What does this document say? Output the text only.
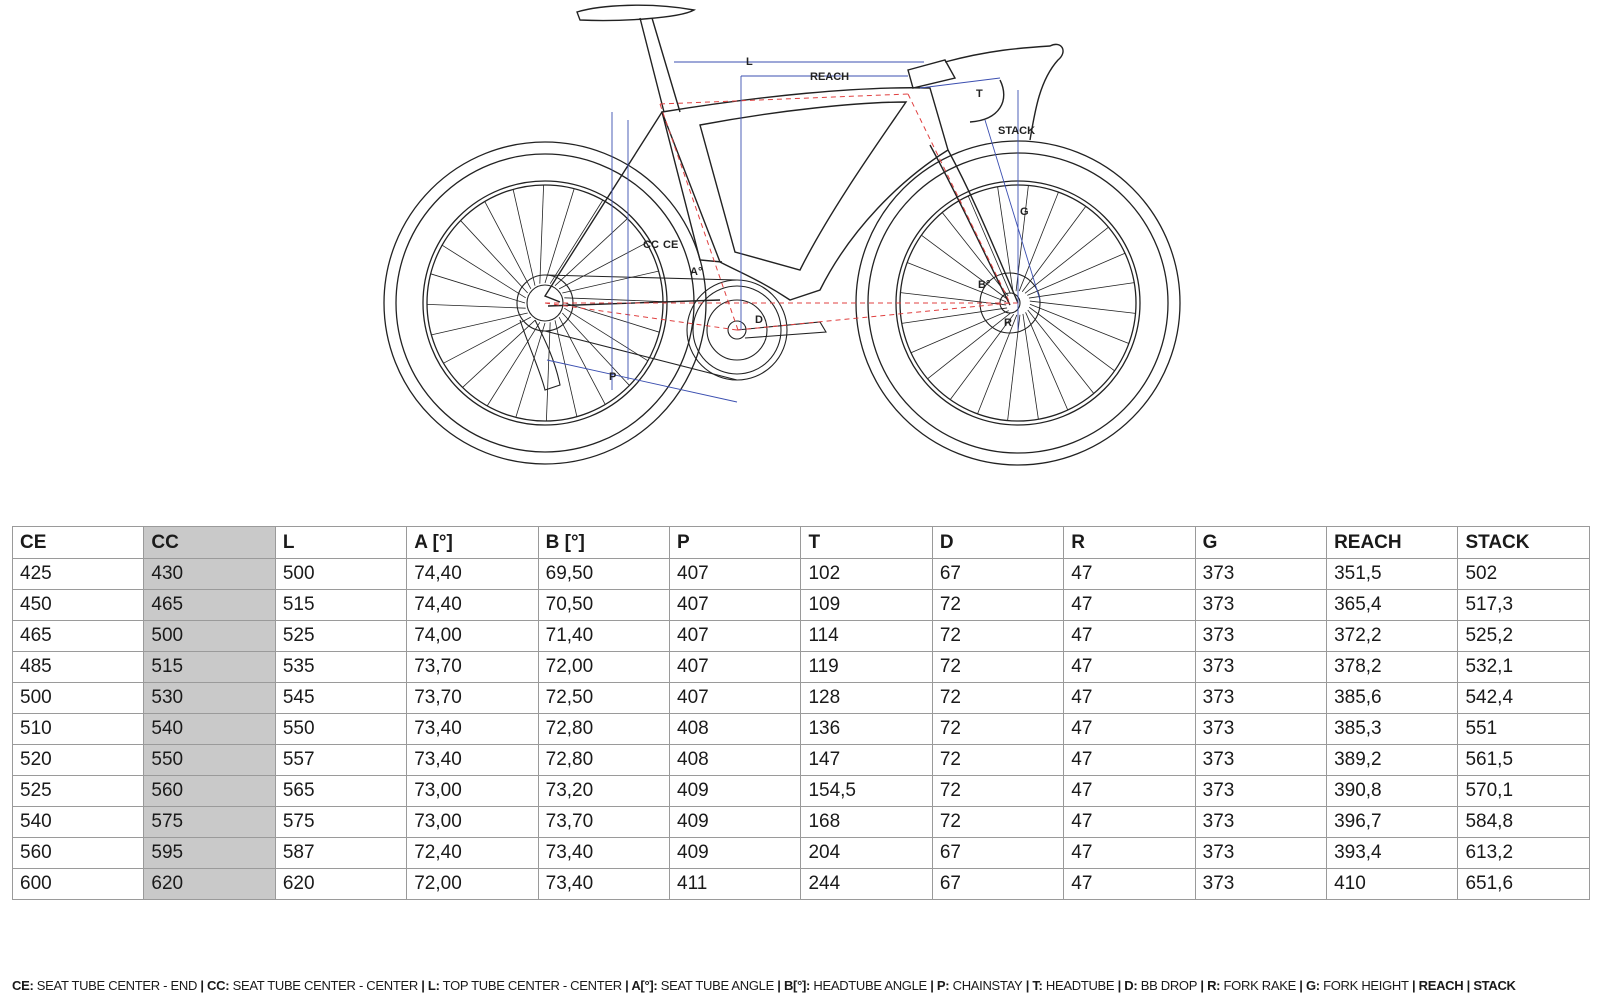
L
REACH
T
STACK
G
CC CE
A°
B°
D	R
P
CE	CC	L	A [°]	B [°]	P	T	D	R	G	REACH	STACK
425	430	500	74,40	69,50	407	102	67	47	373	351,5	502
450	465	515	74,40	70,50	407	109	72	47	373	365,4	517,3
465	500	525	74,00	71,40	407	114	72	47	373	372,2	525,2
485	515	535	73,70	72,00	407	119	72	47	373	378,2	532,1
500	530	545	73,70	72,50	407	128	72	47	373	385,6	542,4
510	540	550	73,40	72,80	408	136	72	47	373	385,3	551
520	550	557	73,40	72,80	408	147	72	47	373	389,2	561,5
525	560	565	73,00	73,20	409	154,5	72	47	373	390,8	570,1
540	575	575	73,00	73,70	409	168	72	47	373	396,7	584,8
560	595	587	72,40	73,40	409	204	67	47	373	393,4	613,2
600	620	620	72,00	73,40	411	244	67	47	373	410	651,6
CE: SEAT TUBE CENTER - END | CC: SEAT TUBE CENTER - CENTER | L: TOP TUBE CENTER - CENTER | A[°]: SEAT TUBE ANGLE | B[°]: HEADTUBE ANGLE | P: CHAINSTAY | T: HEADTUBE | D: BB DROP | R: FORK RAKE | G: FORK HEIGHT | REACH | STACK
